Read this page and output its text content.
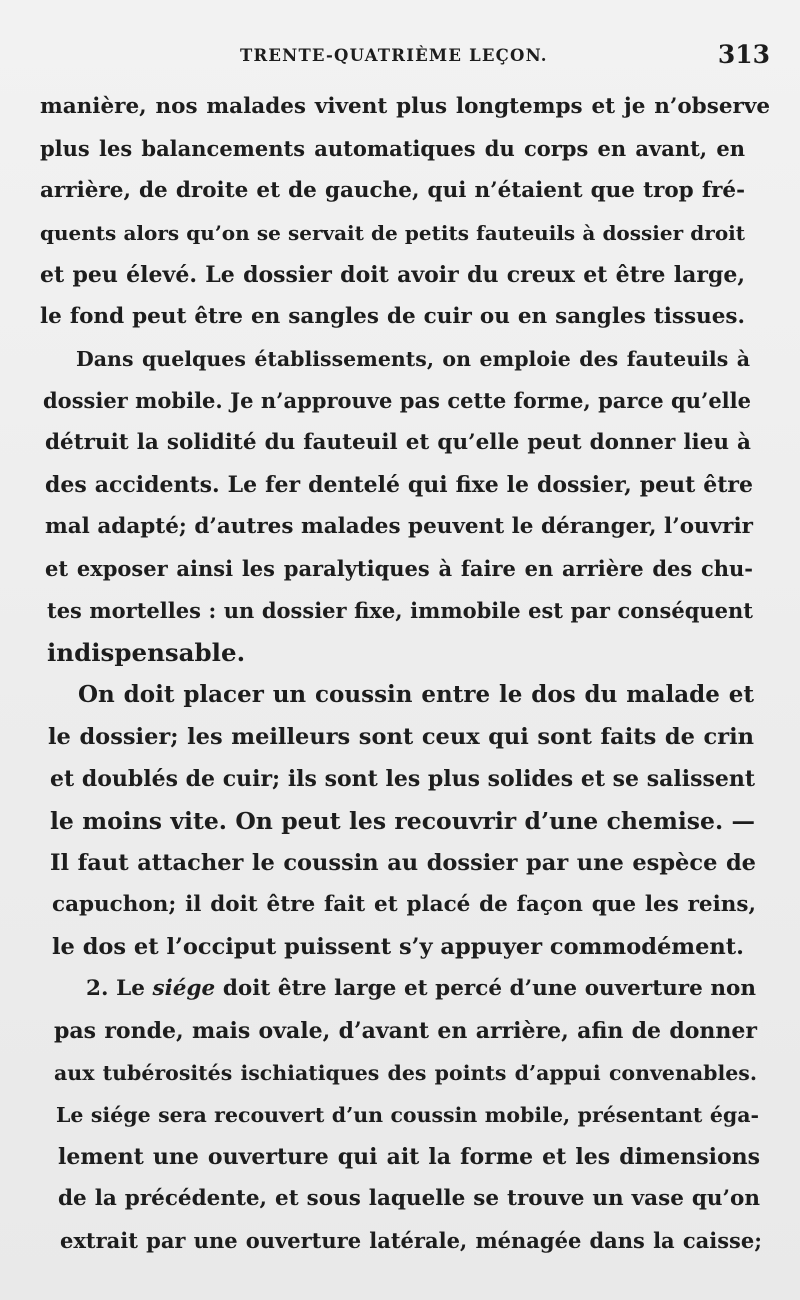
TRENTE-QUATRIÈME LEÇON.	313
manière, nos malades vivent plus longtemps et je n’observe
plus les balancements automatiques du corps en avant, en
arrière, de droite et de gauche, qui n’étaient que trop fré-
quents alors qu’on se servait de petits fauteuils à dossier droit
et peu élevé. Le dossier doit avoir du creux et être large,
le fond peut être en sangles de cuir ou en sangles tissues.
Dans quelques établissements, on emploie des fauteuils à
dossier mobile. Je n’approuve pas cette forme, parce qu’elle
détruit la solidité du fauteuil et qu’elle peut donner lieu à
des accidents. Le fer dentelé qui fixe le dossier, peut être
mal adapté; d’autres malades peuvent le déranger, l’ouvrir
et exposer ainsi les paralytiques à faire en arrière des chu-
tes mortelles : un dossier fixe, immobile est par conséquent
indispensable.
On doit placer un coussin entre le dos du malade et
le dossier; les meilleurs sont ceux qui sont faits de crin
et doublés de cuir; ils sont les plus solides et se salissent
le moins vite. On peut les recouvrir d’une chemise. —
Il faut attacher le coussin au dossier par une espèce de
capuchon; il doit être fait et placé de façon que les reins,
le dos et l’occiput puissent s’y appuyer commodément.
2. Le siége doit être large et percé d’une ouverture non
pas ronde, mais ovale, d’avant en arrière, afin de donner
aux tubérosités ischiatiques des points d’appui convenables.
Le siége sera recouvert d’un coussin mobile, présentant éga-
lement une ouverture qui ait la forme et les dimensions
de la précédente, et sous laquelle se trouve un vase qu’on
extrait par une ouverture latérale, ménagée dans la caisse;
